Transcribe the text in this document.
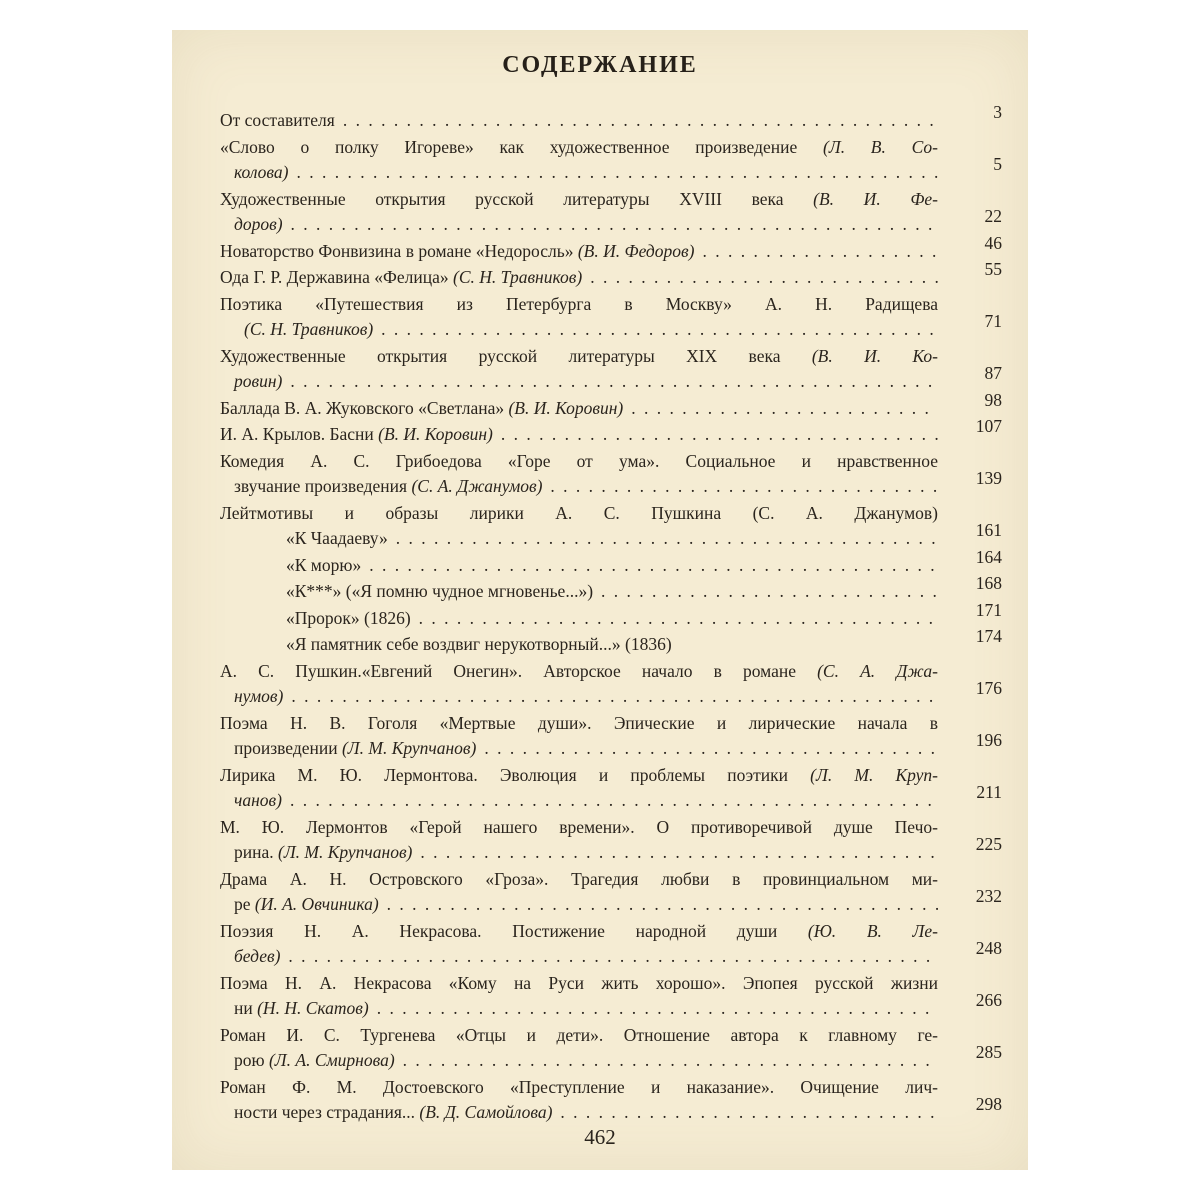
СОДЕРЖАНИЕ
От составителя . . .	3
«Слово о полку Игореве» как художественное произведение (Л. В. Со-
колова) . . .	5
Художественные открытия русской литературы XVIII века (В. И. Фе-
доров) . . .	22
Новаторство Фонвизина в романе «Недоросль» (В. И. Федоров) . . .	46
Ода Г. Р. Державина «Фелица» (С. Н. Травников) . . .	55
Поэтика «Путешествия из Петербурга в Москву» А. Н. Радищева
(С. Н. Травников) . . .	71
Художественные открытия русской литературы XIX века (В. И. Ко-
ровин) . . .	87
Баллада В. А. Жуковского «Светлана» (В. И. Коровин) . . .	98
И. А. Крылов. Басни (В. И. Коровин) . . .	107
Комедия А. С. Грибоедова «Горе от ума». Социальное и нравственное
звучание произведения (С. А. Джанумов) . . .	139
Лейтмотивы и образы лирики А. С. Пушкина (С. А. Джанумов)
«К Чаадаеву» . . .	161
«К морю» . . .	164
«К***» («Я помню чудное мгновенье...») . . .	168
«Пророк» (1826) . . .	171
«Я памятник себе воздвиг нерукотворный...» (1836)	174
А. С. Пушкин.«Евгений Онегин». Авторское начало в романе (С. А. Джа-
нумов) . . .	176
Поэма Н. В. Гоголя «Мертвые души». Эпические и лирические начала в
произведении (Л. М. Крупчанов) . . .	196
Лирика М. Ю. Лермонтова. Эволюция и проблемы поэтики (Л. М. Круп-
чанов) . . .	211
М. Ю. Лермонтов «Герой нашего времени». О противоречивой душе Печо-
рина. (Л. М. Крупчанов) . . .	225
Драма А. Н. Островского «Гроза». Трагедия любви в провинциальном ми-
ре (И. А. Овчиника) . . .	232
Поэзия Н. А. Некрасова. Постижение народной души (Ю. В. Ле-
бедев) . . .	248
Поэма Н. А. Некрасова «Кому на Руси жить хорошо». Эпопея русской жизни
ни (Н. Н. Скатов) . . .	266
Роман И. С. Тургенева «Отцы и дети». Отношение автора к главному ге-
рою (Л. А. Смирнова) . . .	285
Роман Ф. М. Достоевского «Преступление и наказание». Очищение лич-
ности через страдания... (В. Д. Самойлова) . . .	298
462
